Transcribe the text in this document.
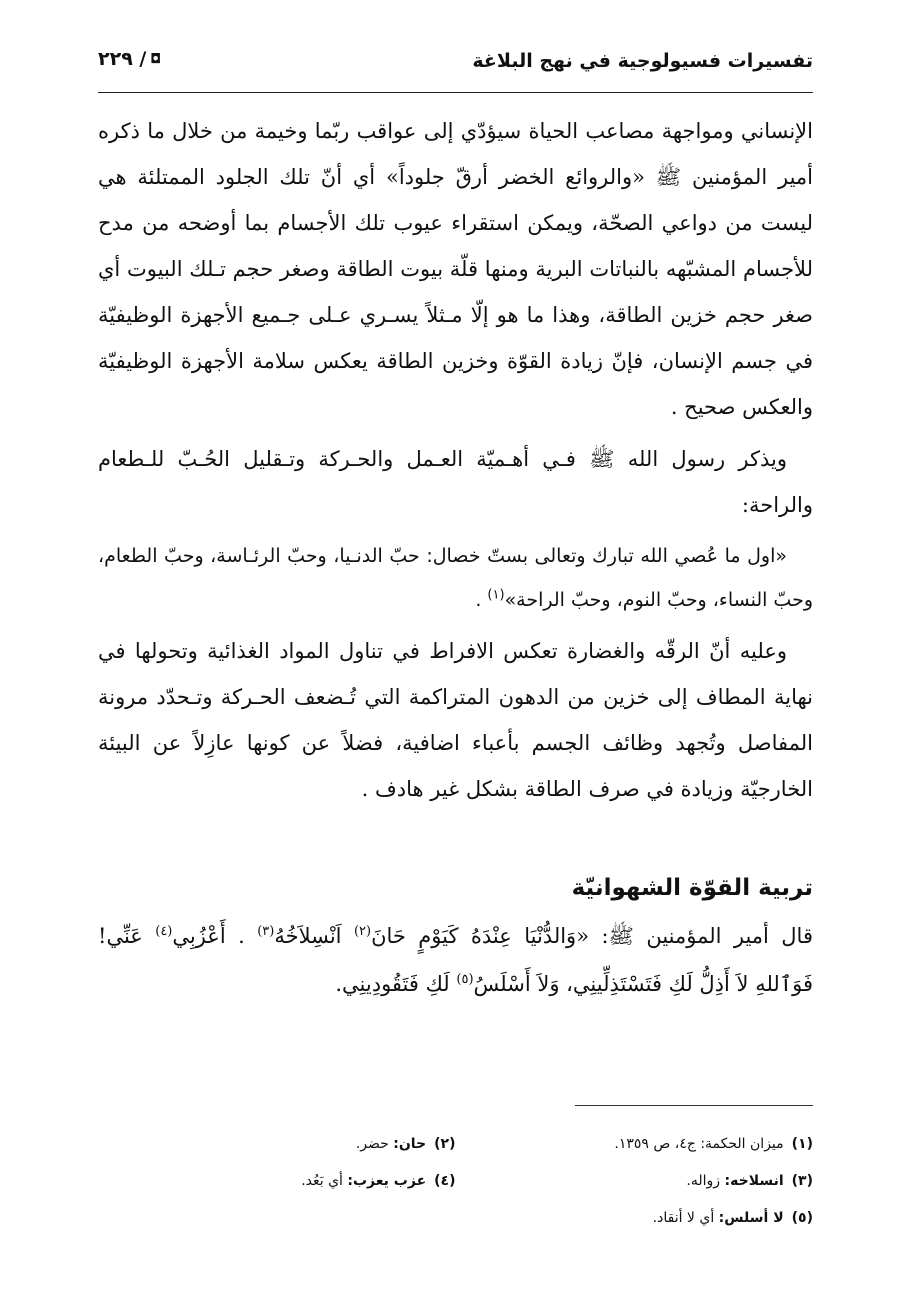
تفسيرات فسيولوجية في نهج البلاغة
◘/ ٢٢٩

الإنساني ومواجهة مصاعب الحياة سيؤدّي إلى عواقب ربّما وخيمة من خلال ما ذكره أمير المؤمنين ﷺ «والروائع الخضر أرقّ جلوداً» أي أنّ تلك الجلود الممتلئة هي ليست من دواعي الصحّة، ويمكن استقراء عيوب تلك الأجسام بما أوضحه من مدح للأجسام المشبّهه بالنباتات البرية ومنها قلّة بيوت الطاقة وصغر حجم تـلك البيوت أي صغر حجم خزين الطاقة، وهذا ما هو إلّا مـثلاً يسـري عـلى جـميع الأجهزة الوظيفيّة في جسم الإنسان، فإنّ زيادة القوّة وخزين الطاقة يعكس سلامة الأجهزة الوظيفيّة والعكس صحيح .

ويذكر رسول الله ﷺ فـي أهـميّة العـمل والحـركة وتـقليل الحُـبّ للـطعام والراحة:

«اول ما عُصي الله تبارك وتعالى بستّ خصال: حبّ الدنـيا، وحبّ الرئـاسة، وحبّ الطعام، وحبّ النساء، وحبّ النوم، وحبّ الراحة»$^{(١)}$ .

وعليه أنّ الرقّه والغضارة تعكس الافراط في تناول المواد الغذائية وتحولها في نهاية المطاف إلى خزين من الدهون المتراكمة التي تُـضعف الحـركة وتـحدّد مرونة المفاصل وتُجهد وظائف الجسم بأعباء اضافية، فضلاً عن كونها عازِلاً عن البيئة الخارجيّة وزيادة في صرف الطاقة بشكل غير هادف .

تربية القوّة الشهوانيّة

قال أمير المؤمنين ﷺ: «وَالدُّنْيَا عِنْدَهُ كَيَوْمٍ حَانَ$^{(٢)}$ اَنْسِلاَخُهُ$^{(٣)}$ . أَعْزُبِي$^{(٤)}$ عَنِّي! فَوَٱللهِ لاَ أَذِلُّ لَكِ فَتَسْتَذِلِّينِي، وَلاَ أَسْلَسُ$^{(٥)}$ لَكِ فَتَقُودِينِي.

(١)ميزان الحكمة: ج٤، ص ١٣٥٩.
(٢)حان: حضر.
(٣)انسلاخه: زواله.
(٤)عزب يعزب: أي بَعُد.
(٥)لا أسلس: أي لا أنقاد.
